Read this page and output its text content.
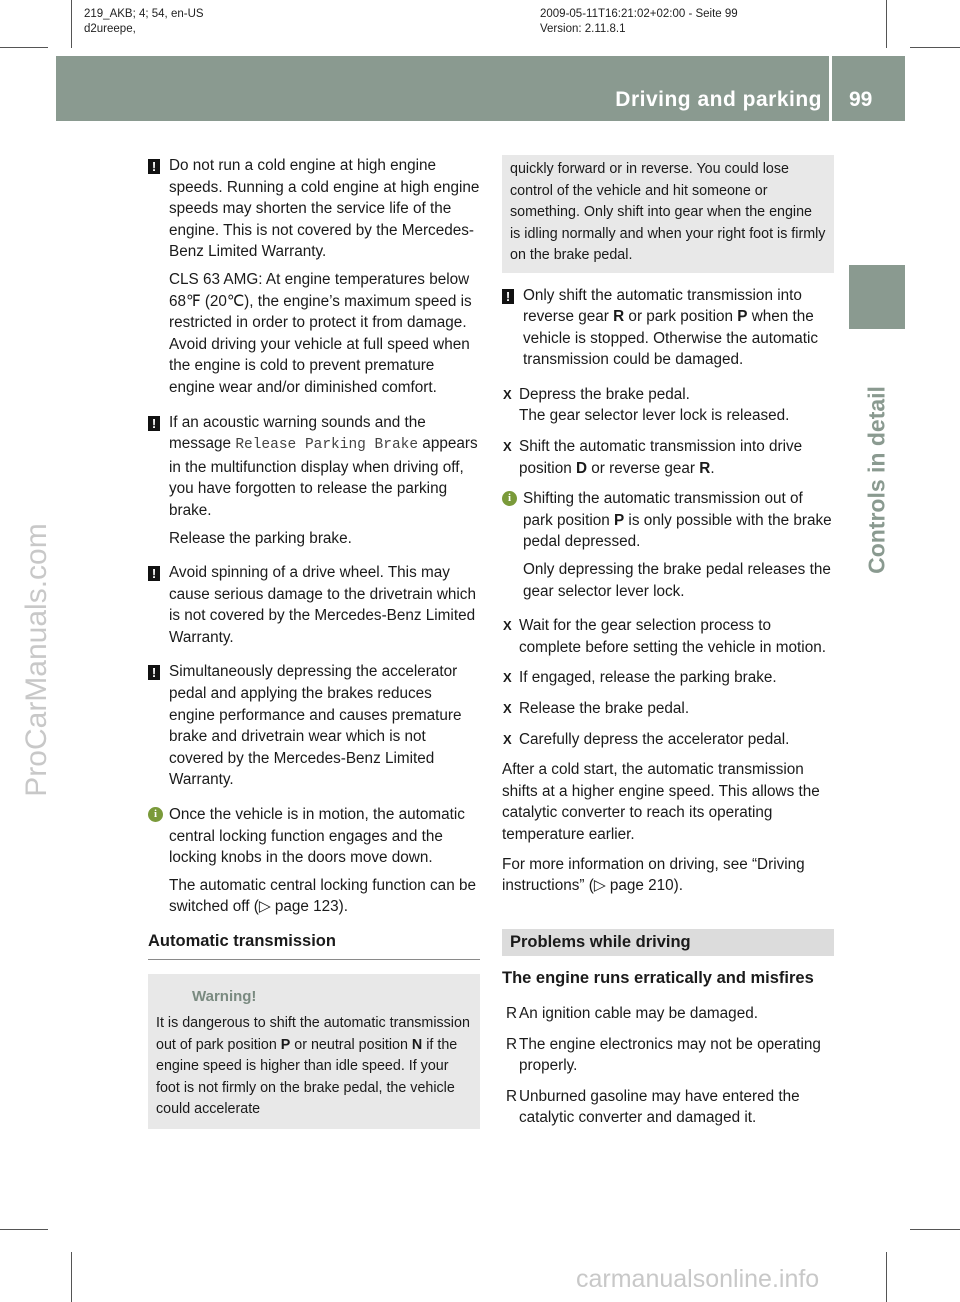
219_AKB; 4; 54, en-US
d2ureepe,
2009-05-11T16:21:02+02:00 - Seite 99
Version: 2.11.8.1
Driving and parking 99
Controls in detail
ProCarManuals.com
carmanualsonline.info
! Do not run a cold engine at high engine speeds. Running a cold engine at high engine speeds may shorten the service life of the engine. This is not covered by the Mercedes-Benz Limited Warranty.

CLS 63 AMG: At engine temperatures below 68℉ (20℃), the engine’s maximum speed is restricted in order to protect it from damage. Avoid driving your vehicle at full speed when the engine is cold to prevent premature engine wear and/or diminished comfort.

! If an acoustic warning sounds and the message Release Parking Brake appears in the multifunction display when driving off, you have forgotten to release the parking brake.

Release the parking brake.

! Avoid spinning of a drive wheel. This may cause serious damage to the drivetrain which is not covered by the Mercedes-Benz Limited Warranty.

! Simultaneously depressing the accelerator pedal and applying the brakes reduces engine performance and causes premature brake and drivetrain wear which is not covered by the Mercedes-Benz Limited Warranty.

i Once the vehicle is in motion, the automatic central locking function engages and the locking knobs in the doors move down.

The automatic central locking function can be switched off (▷ page 123).

Automatic transmission
Warning!
It is dangerous to shift the automatic transmission out of park position P or neutral position N if the engine speed is higher than idle speed. If your foot is not firmly on the brake pedal, the vehicle could accelerate
quickly forward or in reverse. You could lose control of the vehicle and hit someone or something. Only shift into gear when the engine is idling normally and when your right foot is firmly on the brake pedal.
! Only shift the automatic transmission into reverse gear R or park position P when the vehicle is stopped. Otherwise the automatic transmission could be damaged.

X Depress the brake pedal.
The gear selector lever lock is released.
X Shift the automatic transmission into drive position D or reverse gear R.
i Shifting the automatic transmission out of park position P is only possible with the brake pedal depressed.

Only depressing the brake pedal releases the gear selector lever lock.

X Wait for the gear selection process to complete before setting the vehicle in motion.
X If engaged, release the parking brake.
X Release the brake pedal.
X Carefully depress the accelerator pedal.

After a cold start, the automatic transmission shifts at a higher engine speed. This allows the catalytic converter to reach its operating temperature earlier.

For more information on driving, see “Driving instructions” (▷ page 210).

Problems while driving
The engine runs erratically and misfires
R An ignition cable may be damaged.
R The engine electronics may not be operating properly.
R Unburned gasoline may have entered the catalytic converter and damaged it.
